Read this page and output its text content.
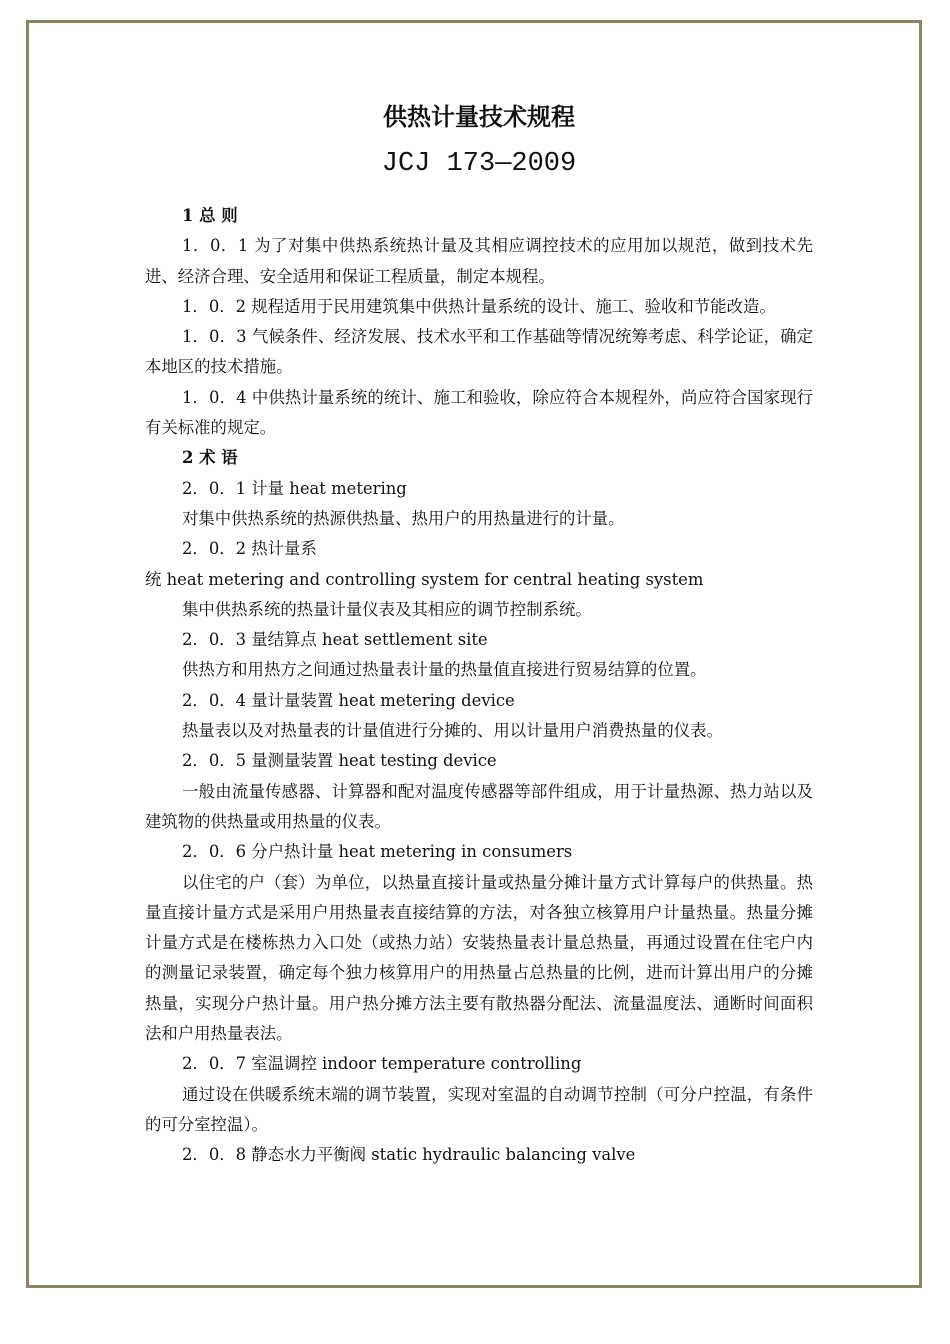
供热计量技术规程
JCJ 173—2009

1 总 则

1．0．1 为了对集中供热系统热计量及其相应调控技术的应用加以规范，做到技术先进、经济合理、安全适用和保证工程质量，制定本规程。

1．0．2 规程适用于民用建筑集中供热计量系统的设计、施工、验收和节能改造。

1．0．3 气候条件、经济发展、技术水平和工作基础等情况统筹考虑、科学论证，确定本地区的技术措施。

1．0．4 中供热计量系统的统计、施工和验收，除应符合本规程外，尚应符合国家现行有关标准的规定。

2 术 语

2．0．1 计量 heat metering

对集中供热系统的热源供热量、热用户的用热量进行的计量。

2．0．2 热计量系

统 heat metering and controlling system for central heating system

集中供热系统的热量计量仪表及其相应的调节控制系统。

2．0．3 量结算点 heat settlement site

供热方和用热方之间通过热量表计量的热量值直接进行贸易结算的位置。

2．0．4 量计量装置 heat metering device

热量表以及对热量表的计量值进行分摊的、用以计量用户消费热量的仪表。

2．0．5 量测量装置 heat testing device

一般由流量传感器、计算器和配对温度传感器等部件组成，用于计量热源、热力站以及建筑物的供热量或用热量的仪表。

2．0．6 分户热计量 heat metering in consumers

以住宅的户（套）为单位，以热量直接计量或热量分摊计量方式计算每户的供热量。热量直接计量方式是采用户用热量表直接结算的方法，对各独立核算用户计量热量。热量分摊计量方式是在楼栋热力入口处（或热力站）安装热量表计量总热量，再通过设置在住宅户内的测量记录装置，确定每个独力核算用户的用热量占总热量的比例，进而计算出用户的分摊热量，实现分户热计量。用户热分摊方法主要有散热器分配法、流量温度法、通断时间面积法和户用热量表法。

2．0．7 室温调控 indoor temperature controlling

通过设在供暖系统末端的调节装置，实现对室温的自动调节控制（可分户控温，有条件的可分室控温）。

2．0．8 静态水力平衡阀 static hydraulic balancing valve
